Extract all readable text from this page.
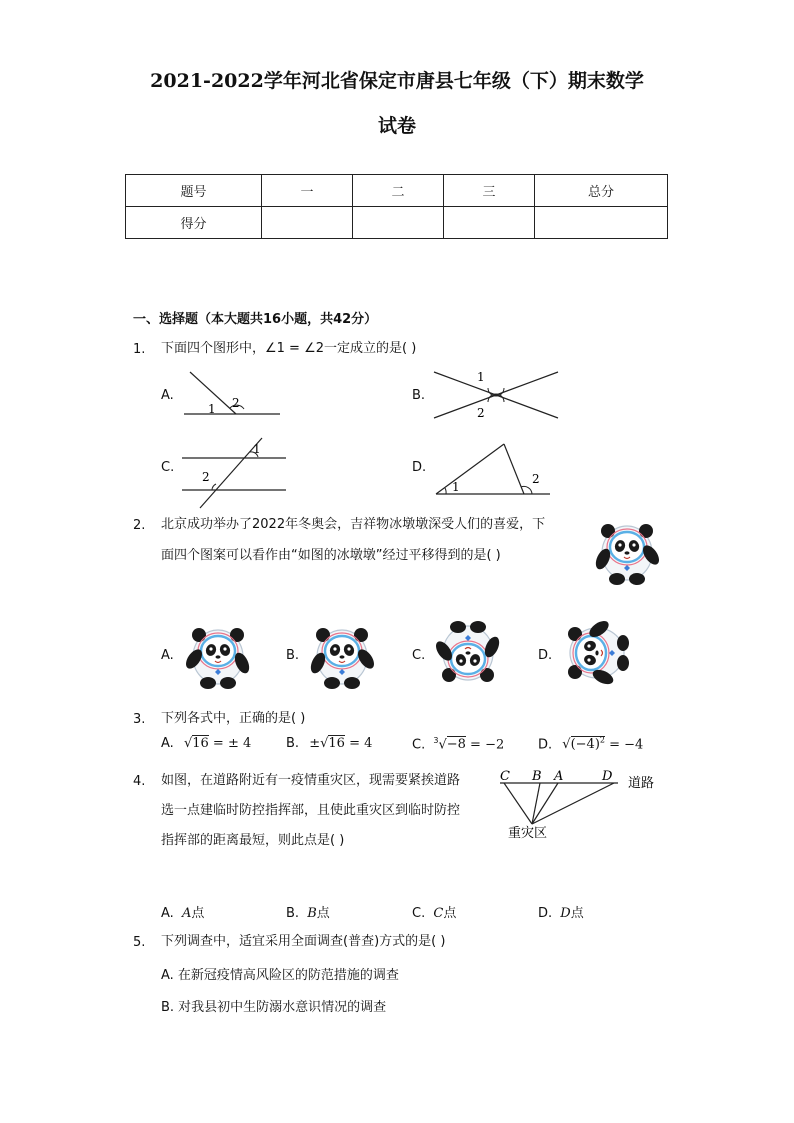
2021-2022学年河北省保定市唐县七年级（下）期末数学
试卷
题号	一	二	三	总分
得分				
一、选择题（本大题共16小题，共42分）
1. 下面四个图形中，∠1 = ∠2一定成立的是( )
A.
1 2	B.
1
2
C.
1
2
D.
1
2
2. 北京成功举办了2022年冬奥会，吉祥物冰墩墩深受人们的喜爱，下
面四个图案可以看作由“如图的冰墩墩”经过平移得到的是( )
A.	B.	C.	D.
3. 下列各式中，正确的是( )
A. √16 = ± 4	B. ±√16 = 4	C. $^3$√−8 = −2	D. $√(-4)^2 = -4$
4. 如图，在道路附近有一疫情重灾区，现需要紧挨道路
选一点建临时防控指挥部，且使此重灾区到临时防控
指挥部的距离最短，则此点是( )
C B A	D 道路
重灾区
A. A点	B. B点	C. C点	D. D点
5. 下列调查中，适宜采用全面调查(普查)方式的是( )
A. 在新冠疫情高风险区的防范措施的调查
B. 对我县初中生防溺水意识情况的调查
